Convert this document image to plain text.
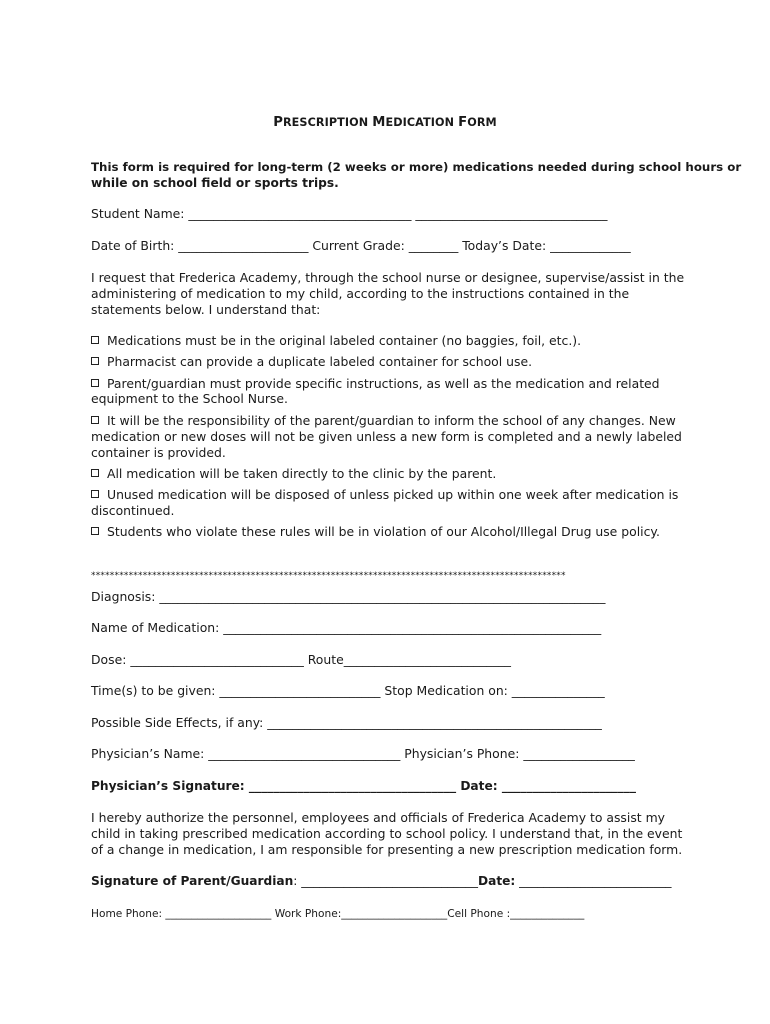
PRESCRIPTION MEDICATION FORM
This form is required for long-term (2 weeks or more) medications needed during school hours or
while on school field or sports trips.
Student Name: ____________________________________ _______________________________
Date of Birth: _____________________ Current Grade: ________ Today’s Date: _____________
I request that Frederica Academy, through the school nurse or designee, supervise/assist in the
administering of medication to my child, according to the instructions contained in the
statements below. I understand that:
Medications must be in the original labeled container (no baggies, foil, etc.).
Pharmacist can provide a duplicate labeled container for school use.
Parent/guardian must provide specific instructions, as well as the medication and related
equipment to the School Nurse.
It will be the responsibility of the parent/guardian to inform the school of any changes. New
medication or new doses will not be given unless a new form is completed and a newly labeled
container is provided.
All medication will be taken directly to the clinic by the parent.
Unused medication will be disposed of unless picked up within one week after medication is
discontinued.
Students who violate these rules will be in violation of our Alcohol/Illegal Drug use policy.
*****************************************************************************************************
Diagnosis: ________________________________________________________________________
Name of Medication: _____________________________________________________________
Dose: ____________________________ Route___________________________
Time(s) to be given: __________________________ Stop Medication on: _______________
Possible Side Effects, if any: ______________________________________________________
Physician’s Name: _______________________________ Physician’s Phone: __________________
Physician’s Signature: __________________________________ Date: ______________________
I hereby authorize the personnel, employees and officials of Frederica Academy to assist my
child in taking prescribed medication according to school policy. I understand that, in the event
of a change in medication, I am responsible for presenting a new prescription medication form.
Signature of Parent/Guardian: _____________________________Date: _________________________
Home Phone: ____________________ Work Phone:____________________Cell Phone :______________
